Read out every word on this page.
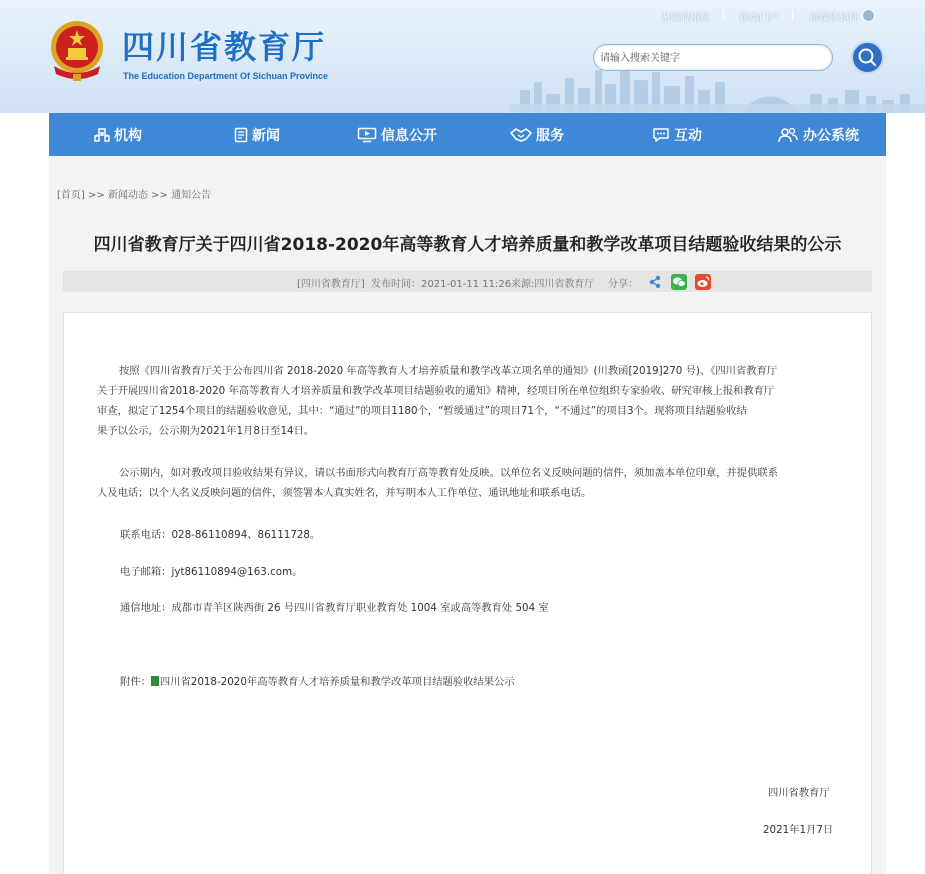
四川省教育厅
The Education Department Of Sichuan Province
无障碍浏览	移动门户	新媒体矩阵
请输入搜索关键字
机构	新闻	信息公开	服务	互动	办公系统
[首页] >> 新闻动态 >> 通知公告
四川省教育厅关于四川省2018-2020年高等教育人才培养质量和教学改革项目结题验收结果的公示
[四川省教育厅] 发布时间：2021-01-11 11:26 来源:四川省教育厅 分享：
按照《四川省教育厅关于公布四川省 2018-2020 年高等教育人才培养质量和教学改革立项名单的通知》(川教函[2019]270 号)、《四川省教育厅
关于开展四川省2018-2020 年高等教育人才培养质量和教学改革项目结题验收的通知》精神，经项目所在单位组织专家验收、研究审核上报和教育厅
审查，拟定了1254个项目的结题验收意见，其中：“通过”的项目1180个，“暂缓通过”的项目71个，“不通过”的项目3个。现将项目结题验收结
果予以公示，公示期为2021年1月8日至14日。
公示期内，如对教改项目验收结果有异议，请以书面形式向教育厅高等教育处反映。以单位名义反映问题的信件，须加盖本单位印章，并提供联系
人及电话；以个人名义反映问题的信件，须签署本人真实姓名，并写明本人工作单位、通讯地址和联系电话。
联系电话：028-86110894、86111728。
电子邮箱：jyt86110894@163.com。
通信地址：成都市青羊区陕西街 26 号四川省教育厅职业教育处 1004 室或高等教育处 504 室
附件： 四川省2018-2020年高等教育人才培养质量和教学改革项目结题验收结果公示
四川省教育厅
2021年1月7日
